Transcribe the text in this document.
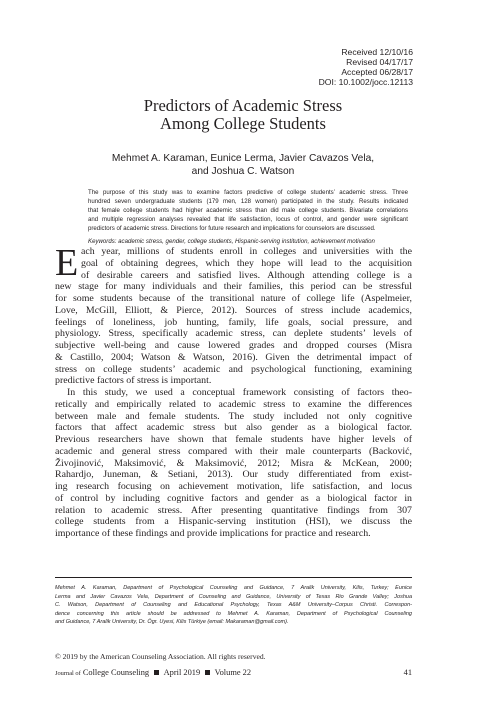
Received 12/10/16
Revised 04/17/17
Accepted 06/28/17
DOI: 10.1002/jocc.12113
Predictors of Academic Stress
Among College Students
Mehmet A. Karaman, Eunice Lerma, Javier Cavazos Vela,
and Joshua C. Watson
The purpose of this study was to examine factors predictive of college students’ academic stress. Three
hundred seven undergraduate students (179 men, 128 women) participated in the study. Results indicated
that female college students had higher academic stress than did male college students. Bivariate correlations
and multiple regression analyses revealed that life satisfaction, locus of control, and gender were significant
predictors of academic stress. Directions for future research and implications for counselors are discussed.
Keywords: academic stress, gender, college students, Hispanic-serving institution, achievement motivation
E ach year, millions of students enroll in colleges and universities with the
goal of obtaining degrees, which they hope will lead to the acquisition
of desirable careers and satisfied lives. Although attending college is a
new stage for many individuals and their families, this period can be stressful
for some students because of the transitional nature of college life (Aspelmeier,
Love, McGill, Elliott, & Pierce, 2012). Sources of stress include academics,
feelings of loneliness, job hunting, family, life goals, social pressure, and
physiology. Stress, specifically academic stress, can deplete students’ levels of
subjective well-being and cause lowered grades and dropped courses (Misra
& Castillo, 2004; Watson & Watson, 2016). Given the detrimental impact of
stress on college students’ academic and psychological functioning, examining
predictive factors of stress is important.
In this study, we used a conceptual framework consisting of factors theo-
retically and empirically related to academic stress to examine the differences
between male and female students. The study included not only cognitive
factors that affect academic stress but also gender as a biological factor.
Previous researchers have shown that female students have higher levels of
academic and general stress compared with their male counterparts (Backović,
Živojinović, Maksimović, & Maksimović, 2012; Misra & McKean, 2000;
Rahardjo, Juneman, & Setiani, 2013). Our study differentiated from exist-
ing research focusing on achievement motivation, life satisfaction, and locus
of control by including cognitive factors and gender as a biological factor in
relation to academic stress. After presenting quantitative findings from 307
college students from a Hispanic-serving institution (HSI), we discuss the
importance of these findings and provide implications for practice and research.
Mehmet A. Karaman, Department of Psychological Counseling and Guidance, 7 Aralik University, Kilis, Turkey; Eunice
Lerma and Javier Cavazos Vela, Department of Counseling and Guidance, University of Texas Rio Grande Valley; Joshua
C. Watson, Department of Counseling and Educational Psychology, Texas A&M University–Corpus Christi. Correspon-
dence concerning this article should be addressed to Mehmet A. Karaman, Department of Psychological Counseling
and Guidance, 7 Aralik University, Dr. Ögr. Uyesi, Kilis Türkiye (email: Makaraman@gmail.com).
© 2019 by the American Counseling Association. All rights reserved.
Journal of College Counseling April 2019 Volume 22	41
